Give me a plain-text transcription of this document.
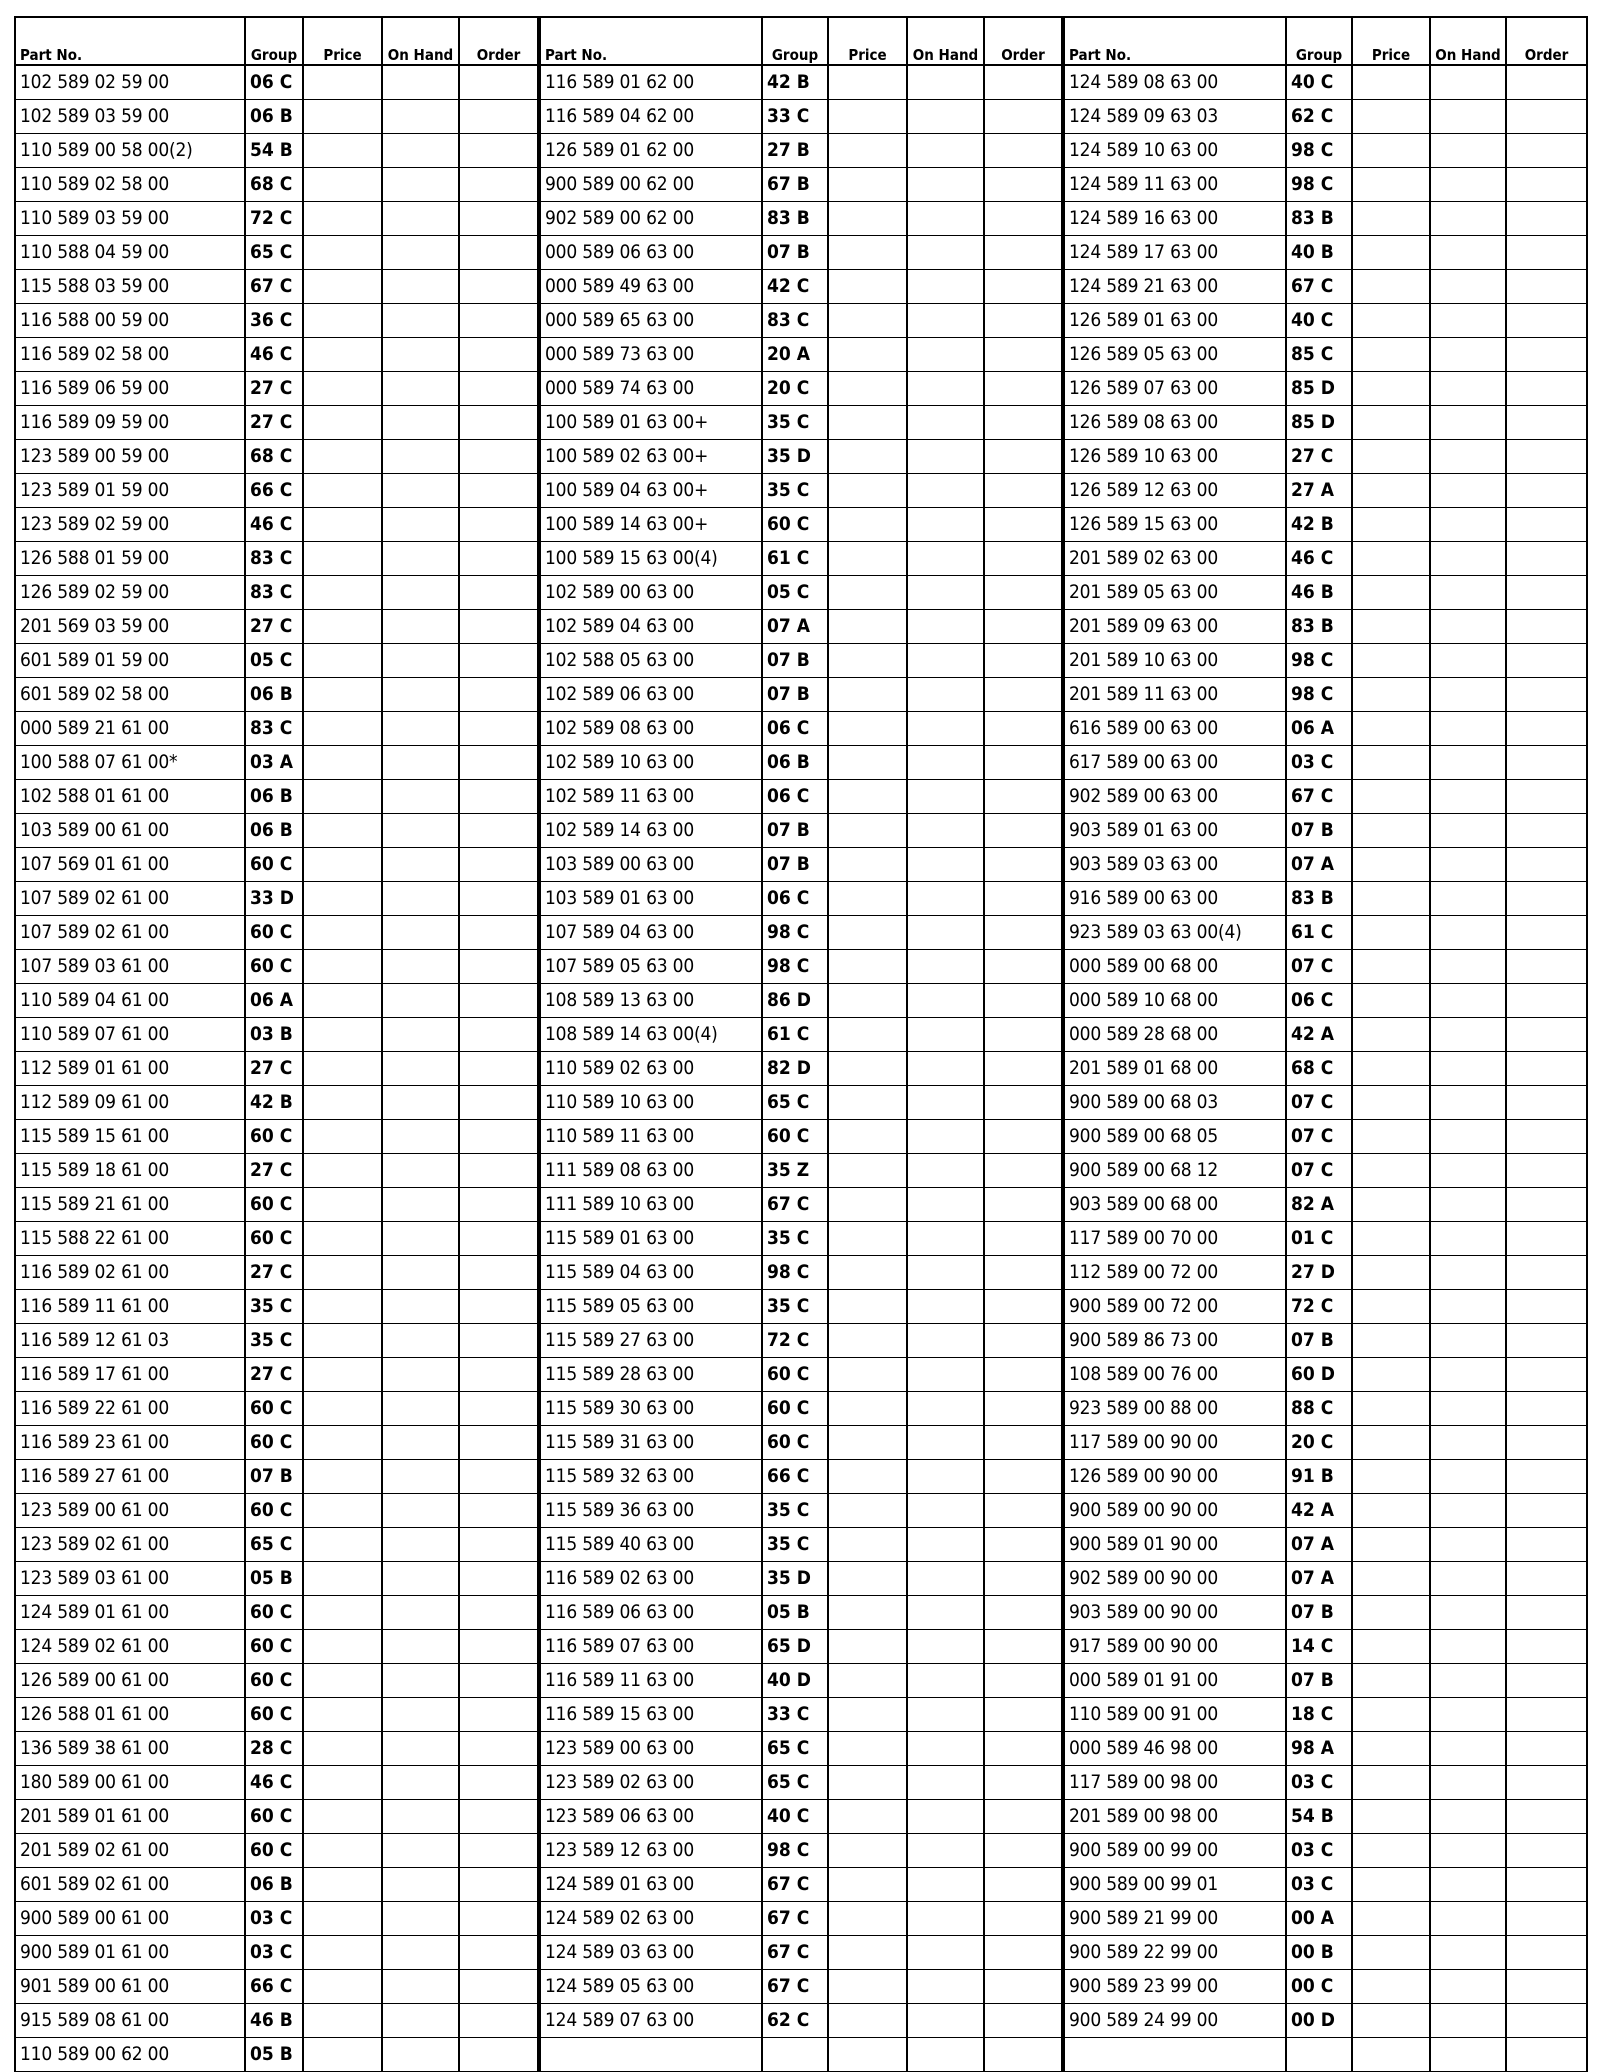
Part No.	Group	Price	On Hand	Order
102 589 02 59 00	06 C			
102 589 03 59 00	06 B			
110 589 00 58 00(2)	54 B			
110 589 02 58 00	68 C			
110 589 03 59 00	72 C			
110 588 04 59 00	65 C			
115 588 03 59 00	67 C			
116 588 00 59 00	36 C			
116 589 02 58 00	46 C			
116 589 06 59 00	27 C			
116 589 09 59 00	27 C			
123 589 00 59 00	68 C			
123 589 01 59 00	66 C			
123 589 02 59 00	46 C			
126 588 01 59 00	83 C			
126 589 02 59 00	83 C			
201 569 03 59 00	27 C			
601 589 01 59 00	05 C			
601 589 02 58 00	06 B			
000 589 21 61 00	83 C			
100 588 07 61 00*	03 A			
102 588 01 61 00	06 B			
103 589 00 61 00	06 B			
107 569 01 61 00	60 C			
107 589 02 61 00	33 D			
107 589 02 61 00	60 C			
107 589 03 61 00	60 C			
110 589 04 61 00	06 A			
110 589 07 61 00	03 B			
112 589 01 61 00	27 C			
112 589 09 61 00	42 B			
115 589 15 61 00	60 C			
115 589 18 61 00	27 C			
115 589 21 61 00	60 C			
115 588 22 61 00	60 C			
116 589 02 61 00	27 C			
116 589 11 61 00	35 C			
116 589 12 61 03	35 C			
116 589 17 61 00	27 C			
116 589 22 61 00	60 C			
116 589 23 61 00	60 C			
116 589 27 61 00	07 B			
123 589 00 61 00	60 C			
123 589 02 61 00	65 C			
123 589 03 61 00	05 B			
124 589 01 61 00	60 C			
124 589 02 61 00	60 C			
126 589 00 61 00	60 C			
126 588 01 61 00	60 C			
136 589 38 61 00	28 C			
180 589 00 61 00	46 C			
201 589 01 61 00	60 C			
201 589 02 61 00	60 C			
601 589 02 61 00	06 B			
900 589 00 61 00	03 C			
900 589 01 61 00	03 C			
901 589 00 61 00	66 C			
915 589 08 61 00	46 B			
110 589 00 62 00	05 B			
Part No.	Group	Price	On Hand	Order
116 589 01 62 00	42 B			
116 589 04 62 00	33 C			
126 589 01 62 00	27 B			
900 589 00 62 00	67 B			
902 589 00 62 00	83 B			
000 589 06 63 00	07 B			
000 589 49 63 00	42 C			
000 589 65 63 00	83 C			
000 589 73 63 00	20 A			
000 589 74 63 00	20 C			
100 589 01 63 00+	35 C			
100 589 02 63 00+	35 D			
100 589 04 63 00+	35 C			
100 589 14 63 00+	60 C			
100 589 15 63 00(4)	61 C			
102 589 00 63 00	05 C			
102 589 04 63 00	07 A			
102 588 05 63 00	07 B			
102 589 06 63 00	07 B			
102 589 08 63 00	06 C			
102 589 10 63 00	06 B			
102 589 11 63 00	06 C			
102 589 14 63 00	07 B			
103 589 00 63 00	07 B			
103 589 01 63 00	06 C			
107 589 04 63 00	98 C			
107 589 05 63 00	98 C			
108 589 13 63 00	86 D			
108 589 14 63 00(4)	61 C			
110 589 02 63 00	82 D			
110 589 10 63 00	65 C			
110 589 11 63 00	60 C			
111 589 08 63 00	35 Z			
111 589 10 63 00	67 C			
115 589 01 63 00	35 C			
115 589 04 63 00	98 C			
115 589 05 63 00	35 C			
115 589 27 63 00	72 C			
115 589 28 63 00	60 C			
115 589 30 63 00	60 C			
115 589 31 63 00	60 C			
115 589 32 63 00	66 C			
115 589 36 63 00	35 C			
115 589 40 63 00	35 C			
116 589 02 63 00	35 D			
116 589 06 63 00	05 B			
116 589 07 63 00	65 D			
116 589 11 63 00	40 D			
116 589 15 63 00	33 C			
123 589 00 63 00	65 C			
123 589 02 63 00	65 C			
123 589 06 63 00	40 C			
123 589 12 63 00	98 C			
124 589 01 63 00	67 C			
124 589 02 63 00	67 C			
124 589 03 63 00	67 C			
124 589 05 63 00	67 C			
124 589 07 63 00	62 C			

Part No.	Group	Price	On Hand	Order
124 589 08 63 00	40 C			
124 589 09 63 03	62 C			
124 589 10 63 00	98 C			
124 589 11 63 00	98 C			
124 589 16 63 00	83 B			
124 589 17 63 00	40 B			
124 589 21 63 00	67 C			
126 589 01 63 00	40 C			
126 589 05 63 00	85 C			
126 589 07 63 00	85 D			
126 589 08 63 00	85 D			
126 589 10 63 00	27 C			
126 589 12 63 00	27 A			
126 589 15 63 00	42 B			
201 589 02 63 00	46 C			
201 589 05 63 00	46 B			
201 589 09 63 00	83 B			
201 589 10 63 00	98 C			
201 589 11 63 00	98 C			
616 589 00 63 00	06 A			
617 589 00 63 00	03 C			
902 589 00 63 00	67 C			
903 589 01 63 00	07 B			
903 589 03 63 00	07 A			
916 589 00 63 00	83 B			
923 589 03 63 00(4)	61 C			
000 589 00 68 00	07 C			
000 589 10 68 00	06 C			
000 589 28 68 00	42 A			
201 589 01 68 00	68 C			
900 589 00 68 03	07 C			
900 589 00 68 05	07 C			
900 589 00 68 12	07 C			
903 589 00 68 00	82 A			
117 589 00 70 00	01 C			
112 589 00 72 00	27 D			
900 589 00 72 00	72 C			
900 589 86 73 00	07 B			
108 589 00 76 00	60 D			
923 589 00 88 00	88 C			
117 589 00 90 00	20 C			
126 589 00 90 00	91 B			
900 589 00 90 00	42 A			
900 589 01 90 00	07 A			
902 589 00 90 00	07 A			
903 589 00 90 00	07 B			
917 589 00 90 00	14 C			
000 589 01 91 00	07 B			
110 589 00 91 00	18 C			
000 589 46 98 00	98 A			
117 589 00 98 00	03 C			
201 589 00 98 00	54 B			
900 589 00 99 00	03 C			
900 589 00 99 01	03 C			
900 589 21 99 00	00 A			
900 589 22 99 00	00 B			
900 589 23 99 00	00 C			
900 589 24 99 00	00 D			
